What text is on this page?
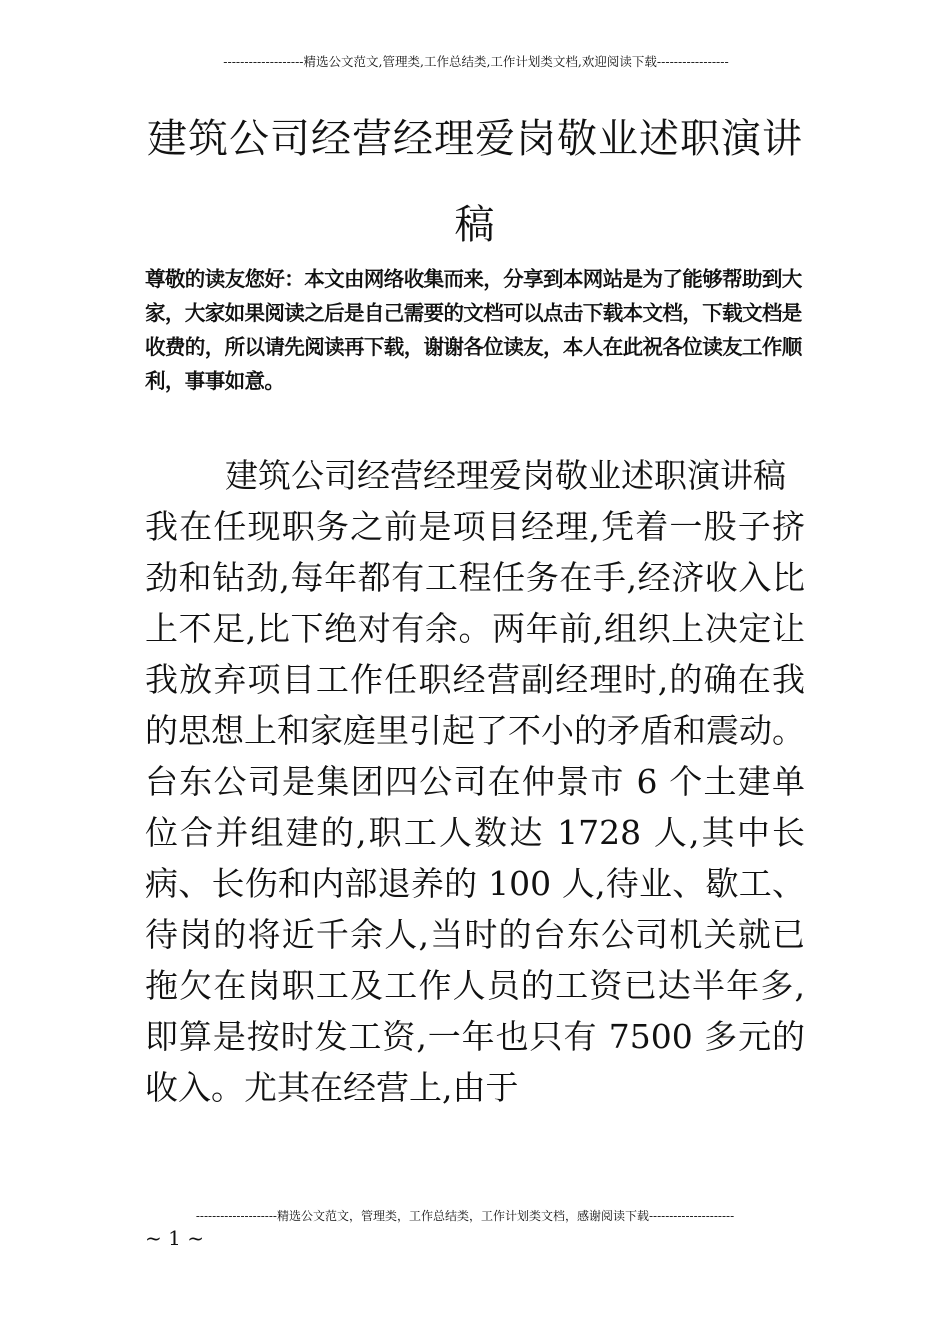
-------------------精选公文范文,管理类,工作总结类,工作计划类文档,欢迎阅读下载-----------------
建筑公司经营经理爱岗敬业述职演讲稿
尊敬的读友您好：本文由网络收集而来，分享到本网站是为了能够帮助到大家，大家如果阅读之后是自己需要的文档可以点击下载本文档，下载文档是收费的，所以请先阅读再下载，谢谢各位读友，本人在此祝各位读友工作顺利，事事如意。
建筑公司经营经理爱岗敬业述职演讲稿
我在任现职务之前是项目经理,凭着一股子挤劲和钻劲,每年都有工程任务在手,经济收入比上不足,比下绝对有余。两年前,组织上决定让我放弃项目工作任职经营副经理时,的确在我的思想上和家庭里引起了不小的矛盾和震动。台东公司是集团四公司在仲景市 6 个土建单位合并组建的,职工人数达 1728 人,其中长病、长伤和内部退养的 100 人,待业、歇工、待岗的将近千余人,当时的台东公司机关就已拖欠在岗职工及工作人员的工资已达半年多,即算是按时发工资,一年也只有 7500 多元的收入。尤其在经营上,由于
--------------------精选公文范文，管理类，工作总结类，工作计划类文档，感谢阅读下载---------------------
~ 1 ~
